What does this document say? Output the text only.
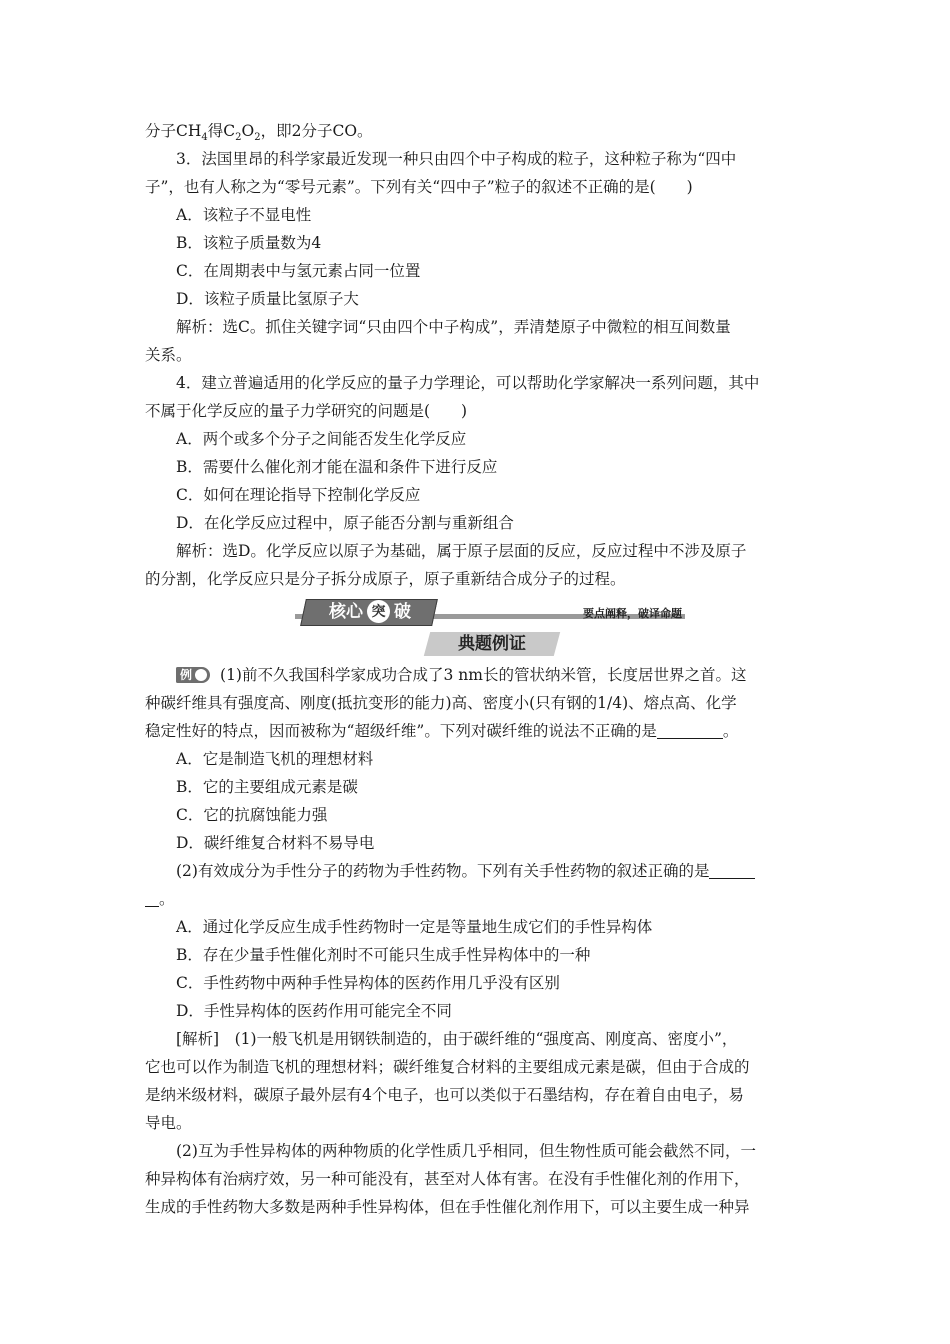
分子$CH_4$得$C_2O_2$，即2分子CO。

3．法国里昂的科学家最近发现一种只由四个中子构成的粒子，这种粒子称为“四中

子”，也有人称之为“零号元素”。下列有关“四中子”粒子的叙述不正确的是(　　)

A．该粒子不显电性

B．该粒子质量数为4

C．在周期表中与氢元素占同一位置

D．该粒子质量比氢原子大

解析：选C。抓住关键字词“只由四个中子构成”，弄清楚原子中微粒的相互间数量

关系。

4．建立普遍适用的化学反应的量子力学理论，可以帮助化学家解决一系列问题，其中

不属于化学反应的量子力学研究的问题是(　　)

A．两个或多个分子之间能否发生化学反应

B．需要什么催化剂才能在温和条件下进行反应

C．如何在理论指导下控制化学反应

D．在化学反应过程中，原子能否分割与重新组合

解析：选D。化学反应以原子为基础，属于原子层面的反应，反应过程中不涉及原子

的分割，化学反应只是分子拆分成原子，原子重新结合成分子的过程。

核心 突 破	要点阐释，破译命题
典题例证

例 (1)前不久我国科学家成功合成了3 nm长的管状纳米管，长度居世界之首。这

种碳纤维具有强度高、刚度(抵抗变形的能力)高、密度小(只有钢的1/4)、熔点高、化学

稳定性好的特点，因而被称为“超级纤维”。下列对碳纤维的说法不正确的是	。

A．它是制造飞机的理想材料

B．它的主要组成元素是碳

C．它的抗腐蚀能力强

D．碳纤维复合材料不易导电

(2)有效成分为手性分子的药物为手性药物。下列有关手性药物的叙述正确的是

。

A．通过化学反应生成手性药物时一定是等量地生成它们的手性异构体

B．存在少量手性催化剂时不可能只生成手性异构体中的一种

C．手性药物中两种手性异构体的医药作用几乎没有区别

D．手性异构体的医药作用可能完全不同

[解析]　(1)一般飞机是用钢铁制造的，由于碳纤维的“强度高、刚度高、密度小”，

它也可以作为制造飞机的理想材料；碳纤维复合材料的主要组成元素是碳，但由于合成的

是纳米级材料，碳原子最外层有4个电子，也可以类似于石墨结构，存在着自由电子，易

导电。

(2)互为手性异构体的两种物质的化学性质几乎相同，但生物性质可能会截然不同，一

种异构体有治病疗效，另一种可能没有，甚至对人体有害。在没有手性催化剂的作用下，

生成的手性药物大多数是两种手性异构体，但在手性催化剂作用下，可以主要生成一种异
